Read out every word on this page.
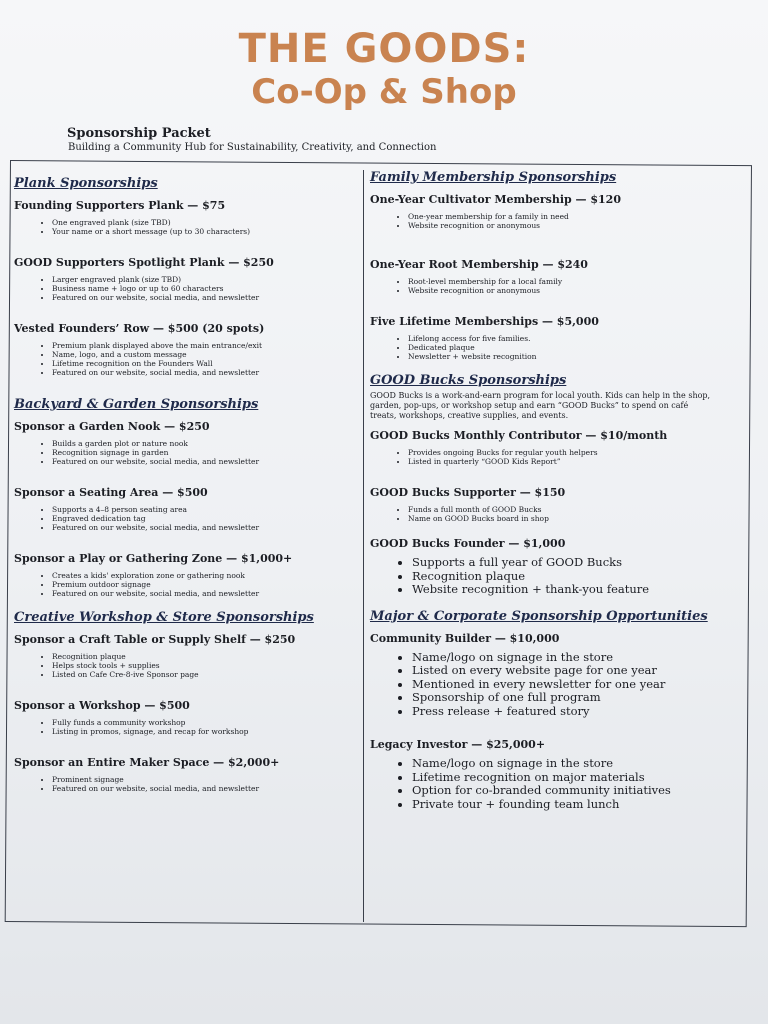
THE GOODS:
Co-Op & Shop
Sponsorship Packet
Building a Community Hub for Sustainability, Creativity, and Connection
Plank Sponsorships
Founding Supporters Plank — $75
• One engraved plank (size TBD)
• Your name or a short message (up to 30 characters)
GOOD Supporters Spotlight Plank — $250
• Larger engraved plank (size TBD)
• Business name + logo or up to 60 characters
• Featured on our website, social media, and newsletter
Vested Founders’ Row — $500 (20 spots)
• Premium plank displayed above the main entrance/exit
• Name, logo, and a custom message
• Lifetime recognition on the Founders Wall
• Featured on our website, social media, and newsletter
Backyard & Garden Sponsorships
Sponsor a Garden Nook — $250
• Builds a garden plot or nature nook
• Recognition signage in garden
• Featured on our website, social media, and newsletter
Sponsor a Seating Area — $500
• Supports a 4–8 person seating area
• Engraved dedication tag
• Featured on our website, social media, and newsletter
Sponsor a Play or Gathering Zone — $1,000+
• Creates a kids' exploration zone or gathering nook
• Premium outdoor signage
• Featured on our website, social media, and newsletter
Creative Workshop & Store Sponsorships
Sponsor a Craft Table or Supply Shelf — $250
• Recognition plaque
• Helps stock tools + supplies
• Listed on Cafe Cre-8-ive Sponsor page
Sponsor a Workshop — $500
• Fully funds a community workshop
• Listing in promos, signage, and recap for workshop
Sponsor an Entire Maker Space — $2,000+
• Prominent signage
• Featured on our website, social media, and newsletter
Family Membership Sponsorships
One-Year Cultivator Membership — $120
• One-year membership for a family in need
• Website recognition or anonymous
One-Year Root Membership — $240
• Root-level membership for a local family
• Website recognition or anonymous
Five Lifetime Memberships — $5,000
• Lifelong access for five families.
• Dedicated plaque
• Newsletter + website recognition
GOOD Bucks Sponsorships
GOOD Bucks is a work-and-earn program for local youth. Kids can help in the shop, garden, pop-ups, or workshop setup and earn “GOOD Bucks” to spend on café treats, workshops, creative supplies, and events.
GOOD Bucks Monthly Contributor — $10/month
• Provides ongoing Bucks for regular youth helpers
• Listed in quarterly “GOOD Kids Report”
GOOD Bucks Supporter — $150
• Funds a full month of GOOD Bucks
• Name on GOOD Bucks board in shop
GOOD Bucks Founder — $1,000
• Supports a full year of GOOD Bucks
• Recognition plaque
• Website recognition + thank-you feature
Major & Corporate Sponsorship Opportunities
Community Builder — $10,000
• Name/logo on signage in the store
• Listed on every website page for one year
• Mentioned in every newsletter for one year
• Sponsorship of one full program
• Press release + featured story
Legacy Investor — $25,000+
• Name/logo on signage in the store
• Lifetime recognition on major materials
• Option for co-branded community initiatives
• Private tour + founding team lunch
